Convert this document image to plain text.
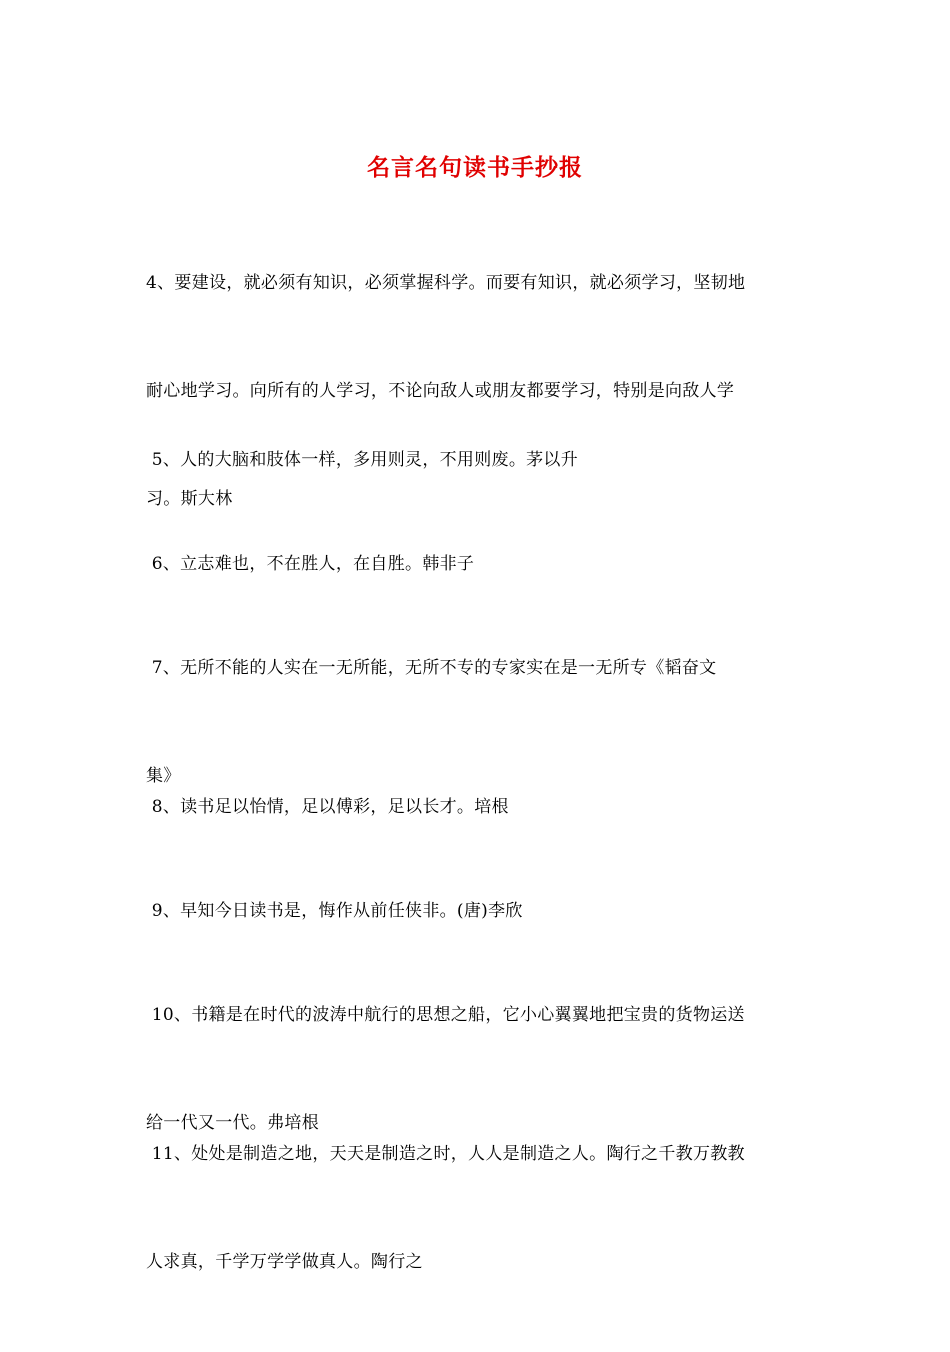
名言名句读书手抄报

4、要建设，就必须有知识，必须掌握科学。而要有知识，就必须学习，坚韧地

耐心地学习。向所有的人学习，不论向敌人或朋友都要学习，特别是向敌人学

习。斯大林

5、人的大脑和肢体一样，多用则灵，不用则废。茅以升

6、立志难也，不在胜人，在自胜。韩非子

7、无所不能的人实在一无所能，无所不专的专家实在是一无所专《韬奋文

集》

8、读书足以怡情，足以傅彩，足以长才。培根

9、早知今日读书是，悔作从前任侠非。(唐)李欣

10、书籍是在时代的波涛中航行的思想之船，它小心翼翼地把宝贵的货物运送

给一代又一代。弗培根

11、处处是制造之地，天天是制造之时，人人是制造之人。陶行之千教万教教

人求真，千学万学学做真人。陶行之
